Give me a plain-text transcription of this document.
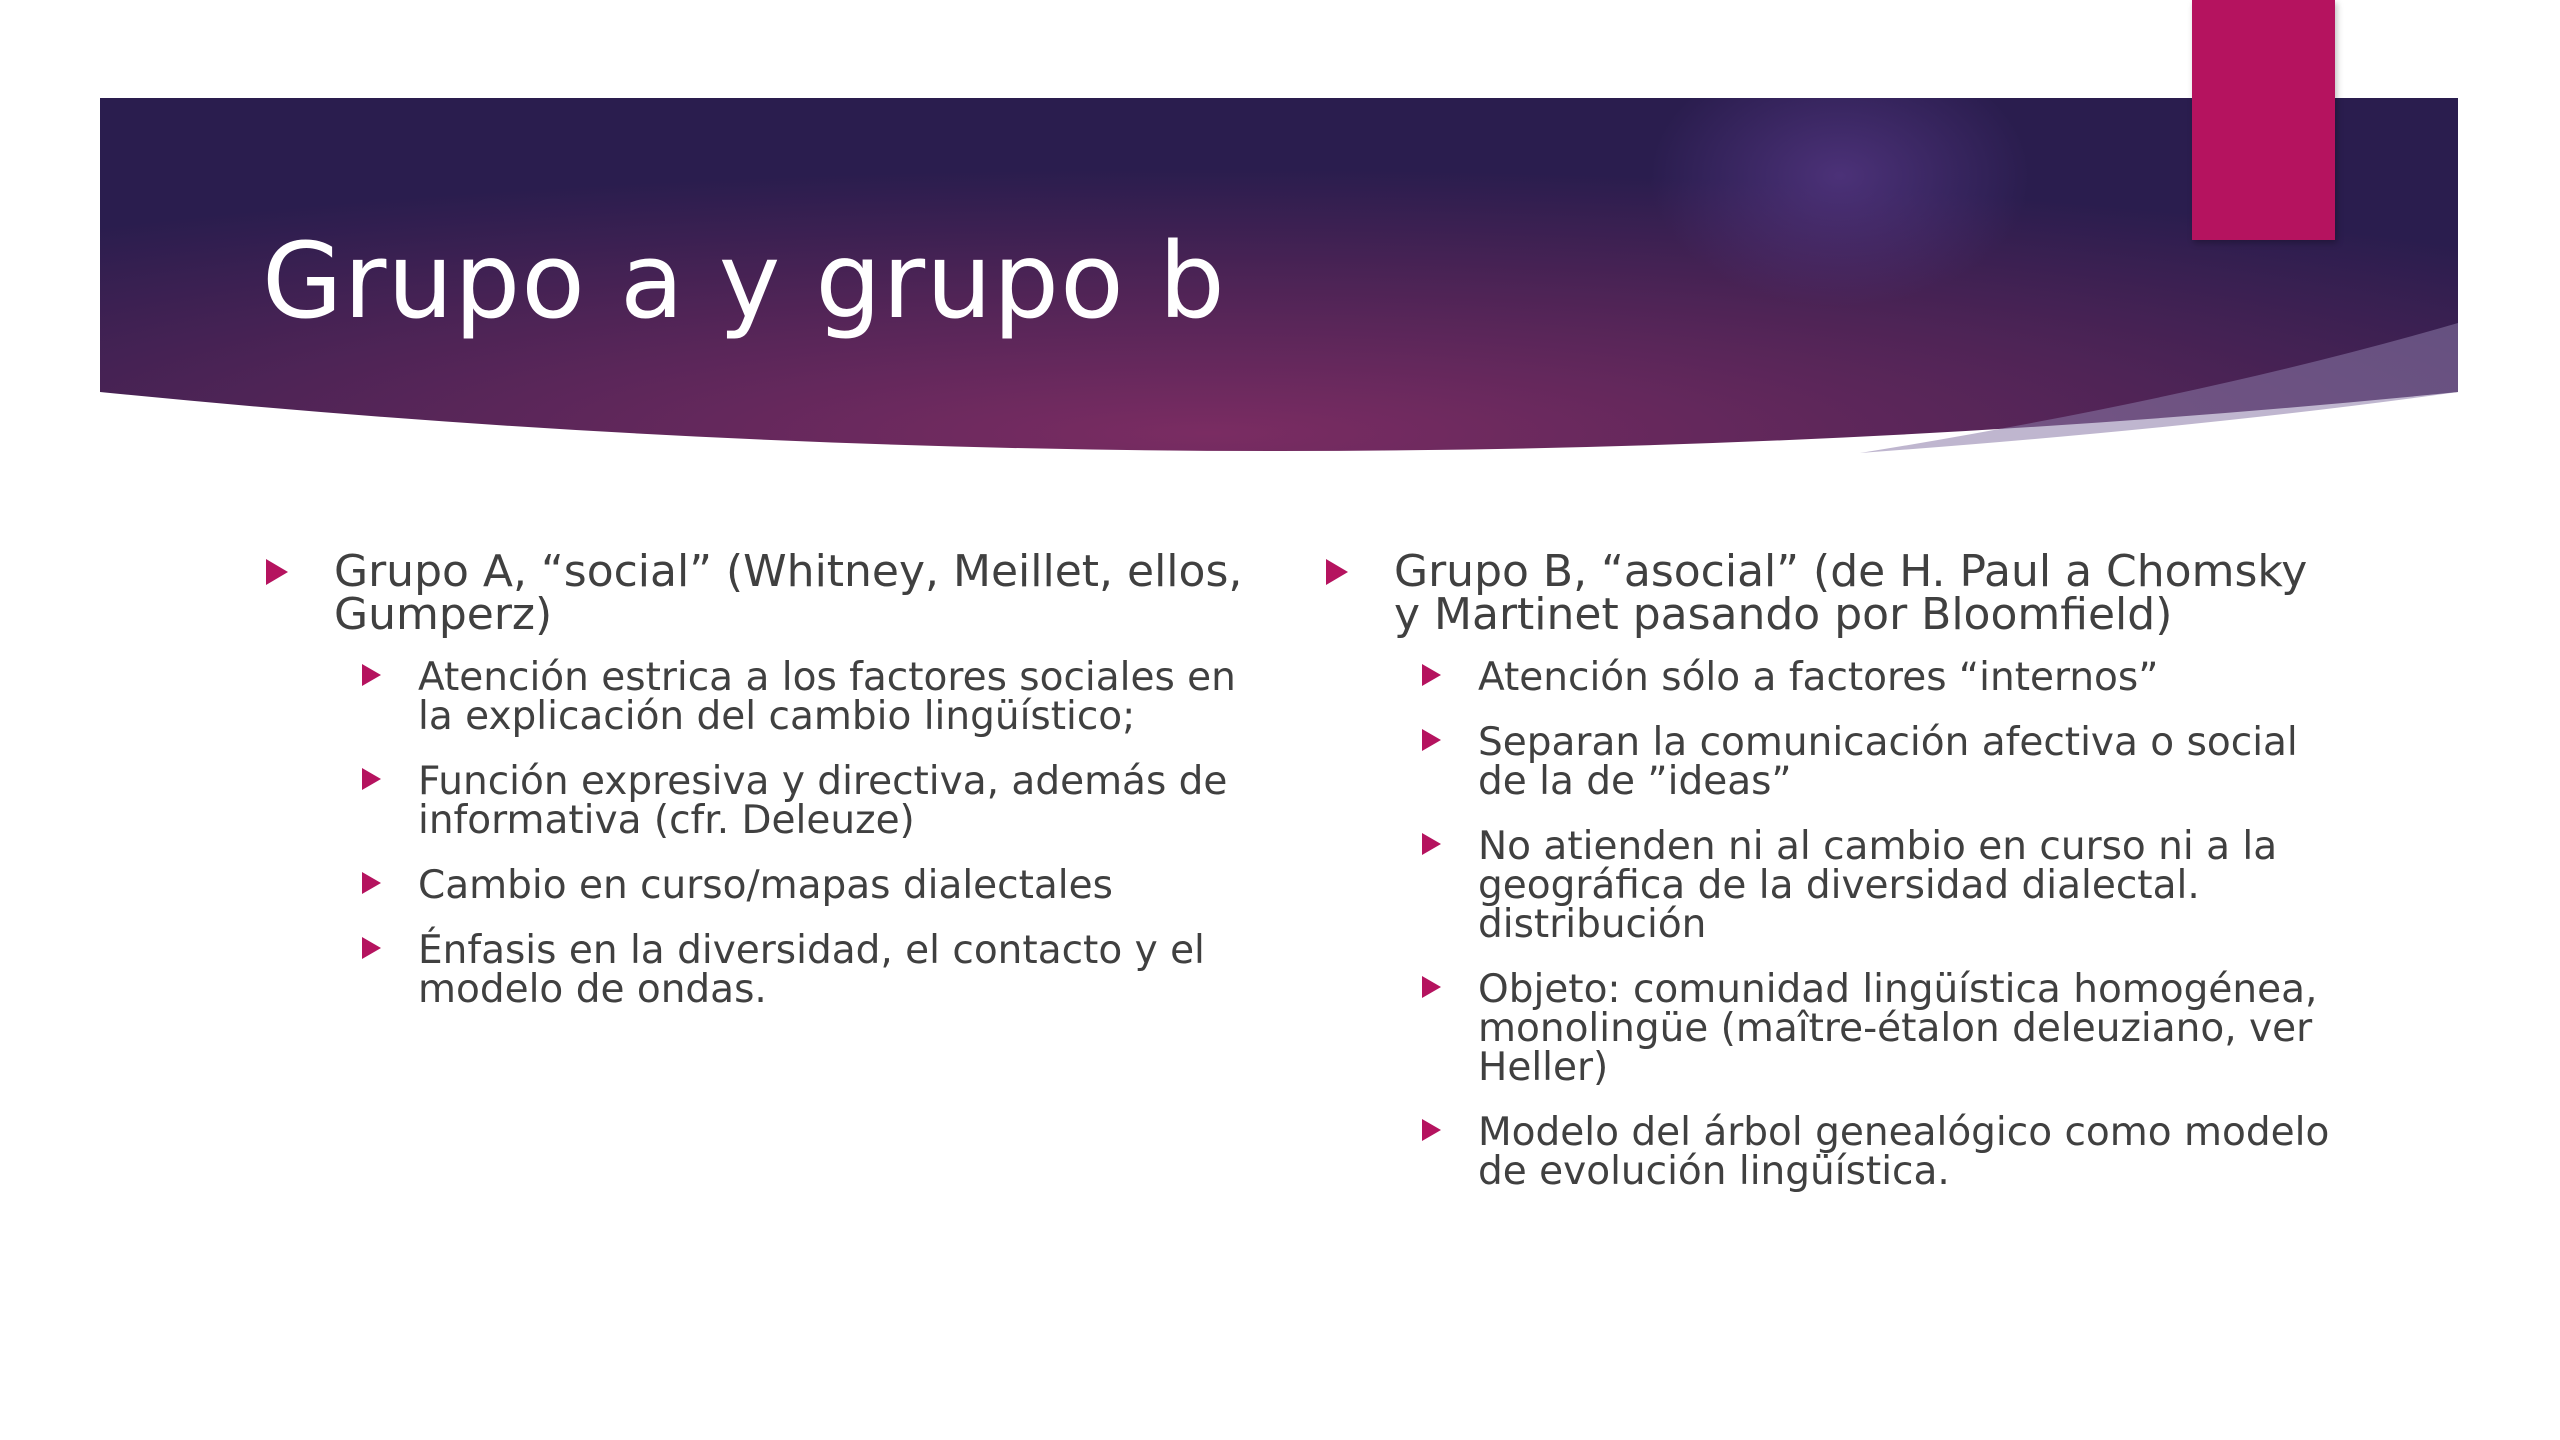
Grupo a y grupo b
Grupo A, “social” (Whitney, Meillet, ellos, Gumperz)
Atención estrica a los factores sociales en la explicación del cambio lingüístico;
Función expresiva y directiva, además de informativa (cfr. Deleuze)
Cambio en curso/mapas dialectales
Énfasis en la diversidad, el contacto y el modelo de ondas.
Grupo B, “asocial” (de H. Paul a Chomsky y Martinet pasando por Bloomfield)
Atención sólo a factores “internos”
Separan la comunicación afectiva o social de la de ”ideas”
No atienden ni al cambio en curso ni a la geográfica de la diversidad dialectal. distribución
Objeto: comunidad lingüística homogénea, monolingüe (maître-étalon deleuziano, ver Heller)
Modelo del árbol genealógico como modelo de evolución lingüística.
